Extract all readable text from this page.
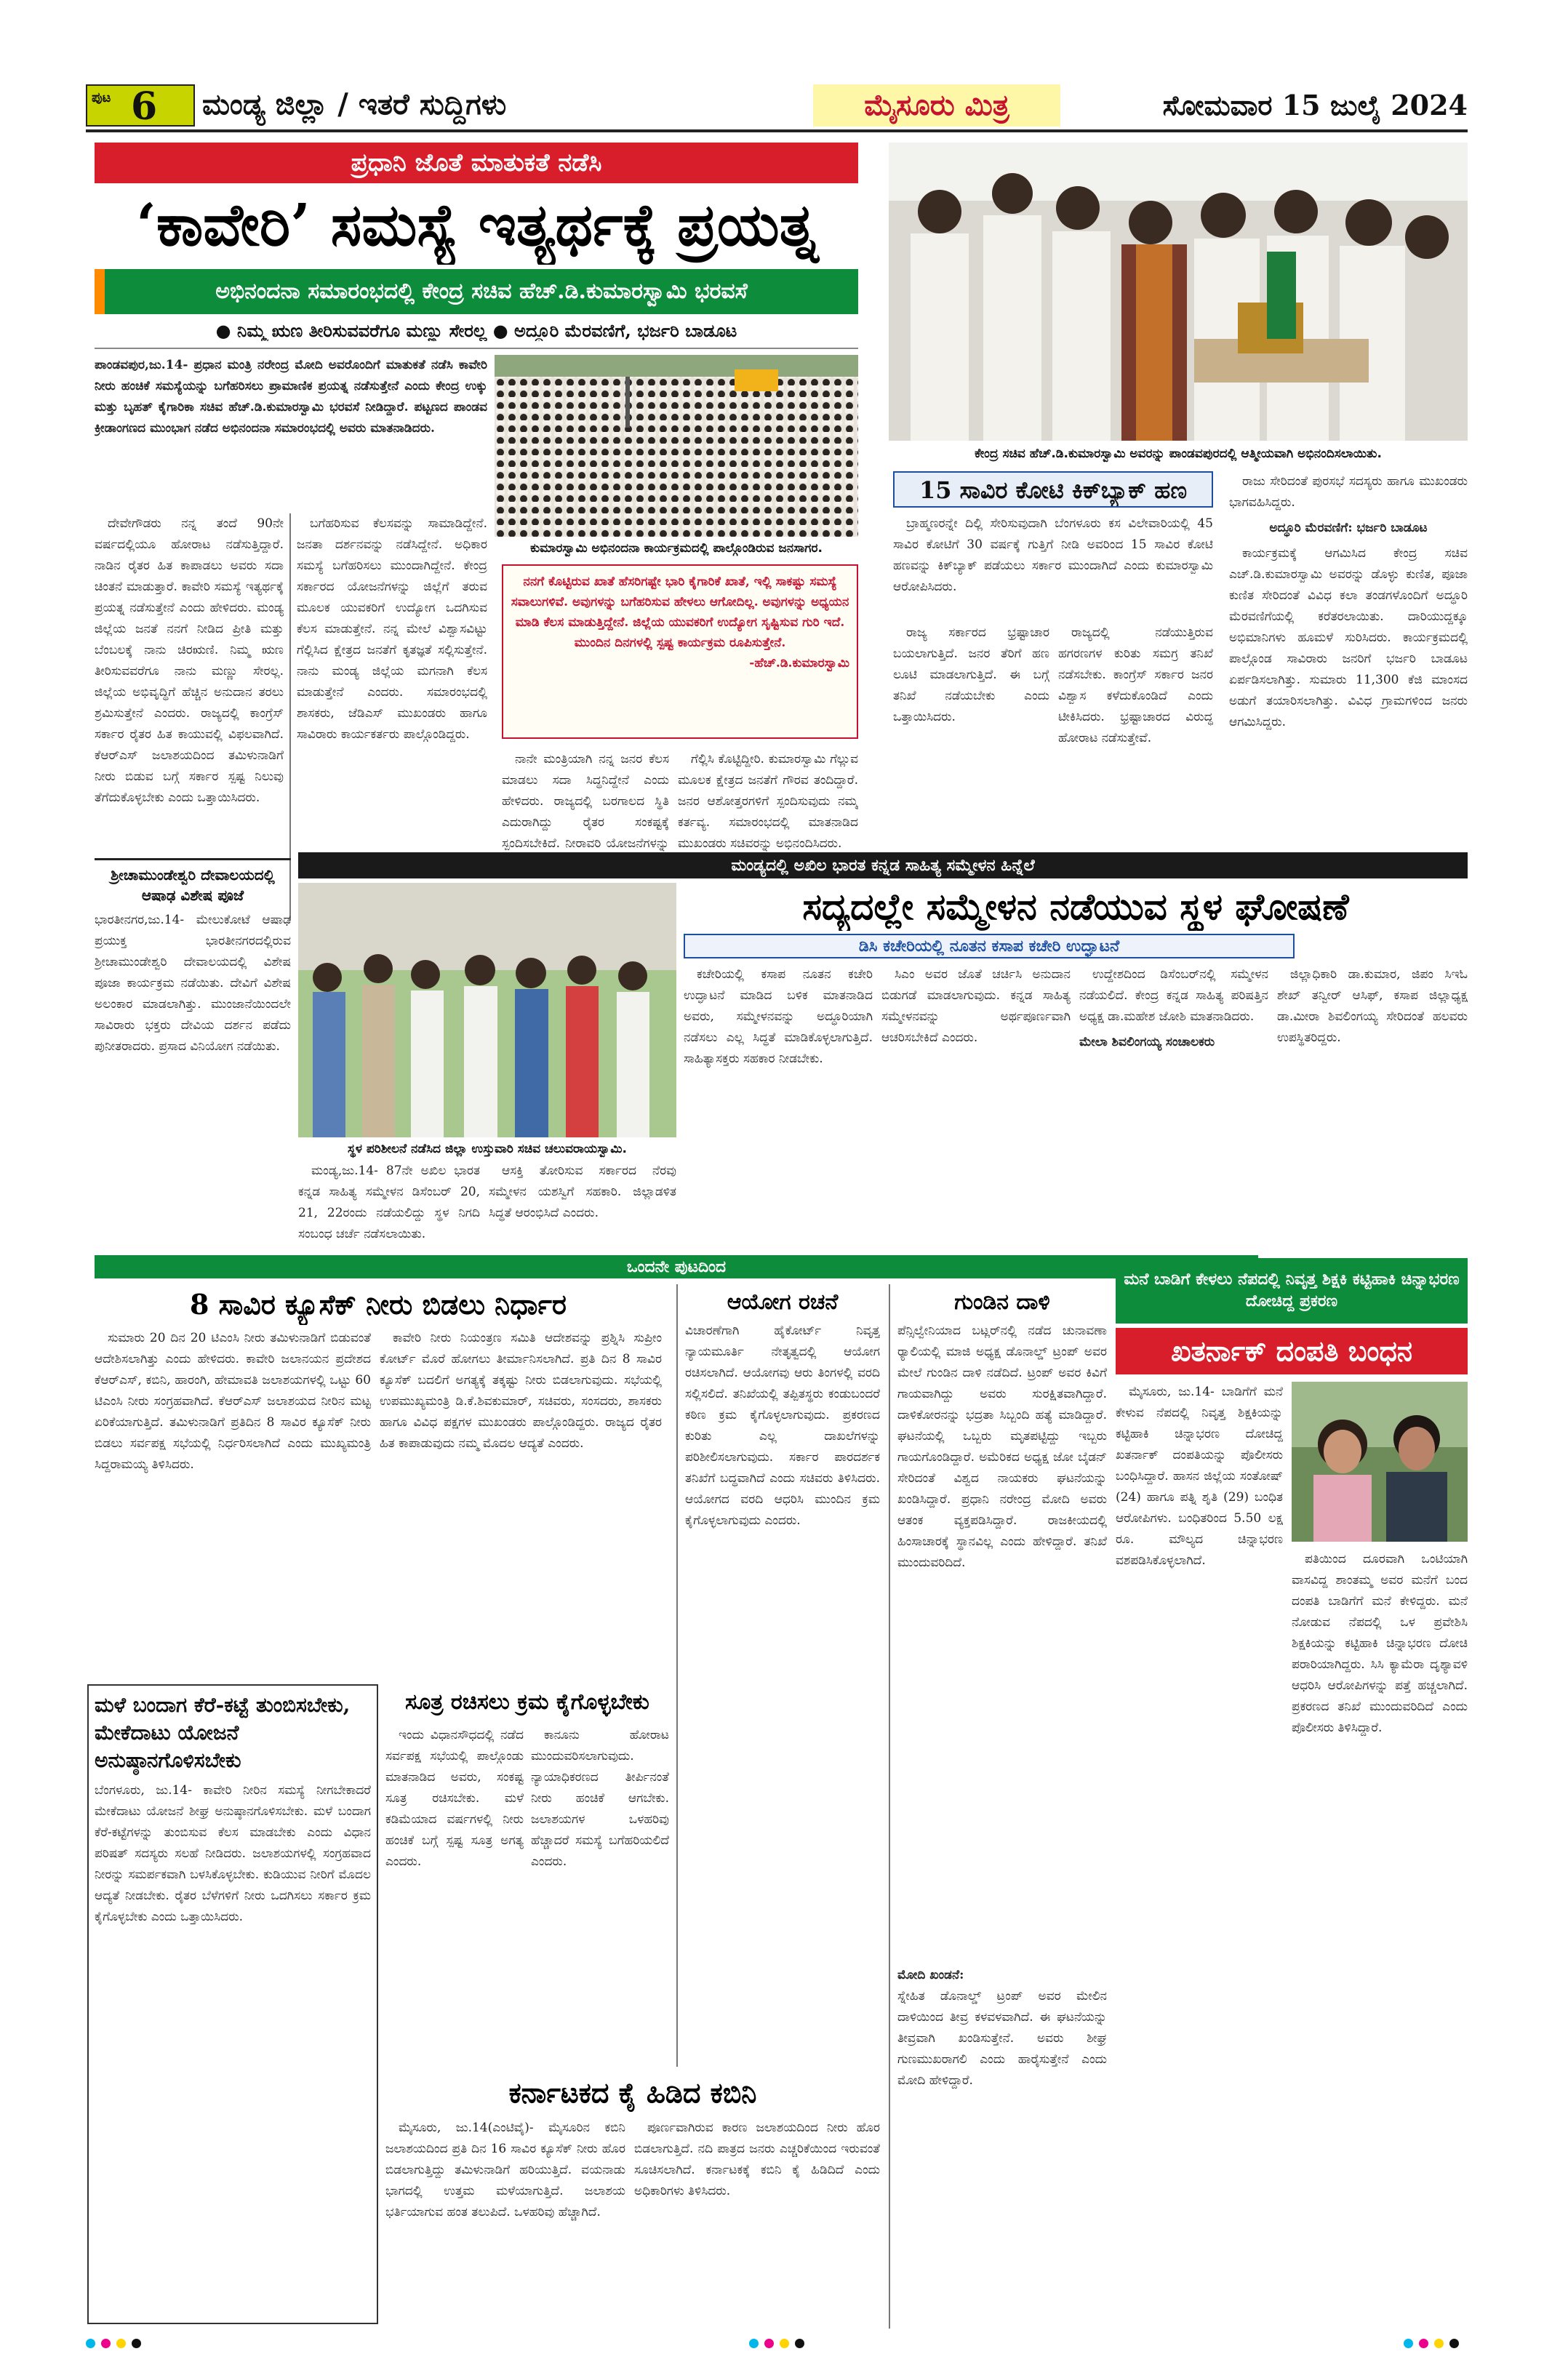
ಪುಟ 6 ಮಂಡ್ಯ ಜಿಲ್ಲಾ / ಇತರೆ ಸುದ್ದಿಗಳು	ಮೈಸೂರು ಮಿತ್ರ	ಸೋಮವಾರ 15 ಜುಲೈ 2024
ಪ್ರಧಾನಿ ಜೊತೆ ಮಾತುಕತೆ ನಡೆಸಿ
‘ಕಾವೇರಿ’ ಸಮಸ್ಯೆ ಇತ್ಯರ್ಥಕ್ಕೆ ಪ್ರಯತ್ನ
ಅಭಿನಂದನಾ ಸಮಾರಂಭದಲ್ಲಿ ಕೇಂದ್ರ ಸಚಿವ ಹೆಚ್.ಡಿ.ಕುಮಾರಸ್ವಾಮಿ ಭರವಸೆ
● ನಿಮ್ಮ ಋಣ ತೀರಿಸುವವರೆಗೂ ಮಣ್ಣು ಸೇರಲ್ಲ ● ಅದ್ಧೂರಿ ಮೆರವಣಿಗೆ, ಭರ್ಜರಿ ಬಾಡೂಟ

ಪಾಂಡವಪುರ,ಜು.14- ಪ್ರಧಾನ ಮಂತ್ರಿ ನರೇಂದ್ರ ಮೋದಿ ಅವರೊಂದಿಗೆ ಮಾತುಕತೆ ನಡೆಸಿ ಕಾವೇರಿ ನೀರು ಹಂಚಿಕೆ ಸಮಸ್ಯೆಯನ್ನು ಬಗೆಹರಿಸಲು ಪ್ರಾಮಾಣಿಕ ಪ್ರಯತ್ನ ನಡೆಸುತ್ತೇನೆ ಎಂದು ಕೇಂದ್ರ ಉಕ್ಕು ಮತ್ತು ಬೃಹತ್ ಕೈಗಾರಿಕಾ ಸಚಿವ ಹೆಚ್.ಡಿ.ಕುಮಾರಸ್ವಾಮಿ ಭರವಸೆ ನೀಡಿದ್ದಾರೆ. ಪಟ್ಟಣದ ಪಾಂಡವ ಕ್ರೀಡಾಂಗಣದ ಮುಂಭಾಗ ನಡೆದ ಅಭಿನಂದನಾ ಸಮಾರಂಭದಲ್ಲಿ ಅವರು ಮಾತನಾಡಿದರು.

ದೇವೇಗೌಡರು ನನ್ನ ತಂದೆ 90ನೇ ವರ್ಷದಲ್ಲಿಯೂ ಹೋರಾಟ ನಡೆಸುತ್ತಿದ್ದಾರೆ. ನಾಡಿನ ರೈತರ ಹಿತ ಕಾಪಾಡಲು ಅವರು ಸದಾ ಚಿಂತನೆ ಮಾಡುತ್ತಾರೆ. ಕಾವೇರಿ ಸಮಸ್ಯೆ ಇತ್ಯರ್ಥಕ್ಕೆ ಪ್ರಯತ್ನ ನಡೆಸುತ್ತೇನೆ ಎಂದು ಹೇಳಿದರು. ಮಂಡ್ಯ ಜಿಲ್ಲೆಯ ಜನತೆ ನನಗೆ ನೀಡಿದ ಪ್ರೀತಿ ಮತ್ತು ಬೆಂಬಲಕ್ಕೆ ನಾನು ಚಿರಋಣಿ. ನಿಮ್ಮ ಋಣ ತೀರಿಸುವವರೆಗೂ ನಾನು ಮಣ್ಣು ಸೇರಲ್ಲ. ಜಿಲ್ಲೆಯ ಅಭಿವೃದ್ಧಿಗೆ ಹೆಚ್ಚಿನ ಅನುದಾನ ತರಲು ಶ್ರಮಿಸುತ್ತೇನೆ ಎಂದರು. ರಾಜ್ಯದಲ್ಲಿ ಕಾಂಗ್ರೆಸ್ ಸರ್ಕಾರ ರೈತರ ಹಿತ ಕಾಯುವಲ್ಲಿ ವಿಫಲವಾಗಿದೆ. ಕೆಆರ್‌ಎಸ್ ಜಲಾಶಯದಿಂದ ತಮಿಳುನಾಡಿಗೆ ನೀರು ಬಿಡುವ ಬಗ್ಗೆ ಸರ್ಕಾರ ಸ್ಪಷ್ಟ ನಿಲುವು ತೆಗೆದುಕೊಳ್ಳಬೇಕು ಎಂದು ಒತ್ತಾಯಿಸಿದರು.

ಬಗೆಹರಿಸುವ ಕೆಲಸವನ್ನು ಸಾಮಾಡಿದ್ದೇನೆ. ಜನತಾ ದರ್ಶನವನ್ನು ನಡೆಸಿದ್ದೇನೆ. ಅಧಿಕಾರ ಸಮಸ್ಯೆ ಬಗೆಹರಿಸಲು ಮುಂದಾಗಿದ್ದೇನೆ. ಕೇಂದ್ರ ಸರ್ಕಾರದ ಯೋಜನೆಗಳನ್ನು ಜಿಲ್ಲೆಗೆ ತರುವ ಮೂಲಕ ಯುವಕರಿಗೆ ಉದ್ಯೋಗ ಒದಗಿಸುವ ಕೆಲಸ ಮಾಡುತ್ತೇನೆ. ನನ್ನ ಮೇಲೆ ವಿಶ್ವಾಸವಿಟ್ಟು ಗೆಲ್ಲಿಸಿದ ಕ್ಷೇತ್ರದ ಜನತೆಗೆ ಕೃತಜ್ಞತೆ ಸಲ್ಲಿಸುತ್ತೇನೆ. ನಾನು ಮಂಡ್ಯ ಜಿಲ್ಲೆಯ ಮಗನಾಗಿ ಕೆಲಸ ಮಾಡುತ್ತೇನೆ ಎಂದರು. ಸಮಾರಂಭದಲ್ಲಿ ಶಾಸಕರು, ಜೆಡಿಎಸ್ ಮುಖಂಡರು ಹಾಗೂ ಸಾವಿರಾರು ಕಾರ್ಯಕರ್ತರು ಪಾಲ್ಗೊಂಡಿದ್ದರು.

ಕುಮಾರಸ್ವಾಮಿ ಅಭಿನಂದನಾ ಕಾರ್ಯಕ್ರಮದಲ್ಲಿ ಪಾಲ್ಗೊಂಡಿರುವ ಜನಸಾಗರ.
ನನಗೆ ಕೊಟ್ಟಿರುವ ಖಾತೆ ಹೆಸರಿಗಷ್ಟೇ ಭಾರಿ ಕೈಗಾರಿಕೆ ಖಾತೆ, ಇಲ್ಲಿ ಸಾಕಷ್ಟು ಸಮಸ್ಯೆ ಸವಾಲುಗಳಿವೆ. ಅವುಗಳನ್ನು ಬಗೆಹರಿಸುವ ಹೇಳಲು ಆಗೋದಿಲ್ಲ. ಅವುಗಳನ್ನು ಅಧ್ಯಯನ ಮಾಡಿ ಕೆಲಸ ಮಾಡುತ್ತಿದ್ದೇನೆ. ಜಿಲ್ಲೆಯ ಯುವಕರಿಗೆ ಉದ್ಯೋಗ ಸೃಷ್ಟಿಸುವ ಗುರಿ ಇದೆ. ಮುಂದಿನ ದಿನಗಳಲ್ಲಿ ಸ್ಪಷ್ಟ ಕಾರ್ಯಕ್ರಮ ರೂಪಿಸುತ್ತೇನೆ.
-ಹೆಚ್.ಡಿ.ಕುಮಾರಸ್ವಾಮಿ

ನಾನೇ ಮಂತ್ರಿಯಾಗಿ ನನ್ನ ಜನರ ಕೆಲಸ ಮಾಡಲು ಸದಾ ಸಿದ್ಧನಿದ್ದೇನೆ ಎಂದು ಹೇಳಿದರು. ರಾಜ್ಯದಲ್ಲಿ ಬರಗಾಲದ ಸ್ಥಿತಿ ಎದುರಾಗಿದ್ದು ರೈತರ ಸಂಕಷ್ಟಕ್ಕೆ ಸ್ಪಂದಿಸಬೇಕಿದೆ. ನೀರಾವರಿ ಯೋಜನೆಗಳನ್ನು

ಗೆಲ್ಲಿಸಿ ಕೊಟ್ಟಿದ್ದೀರಿ. ಕುಮಾರಸ್ವಾಮಿ ಗೆಲ್ಲುವ ಮೂಲಕ ಕ್ಷೇತ್ರದ ಜನತೆಗೆ ಗೌರವ ತಂದಿದ್ದಾರೆ. ಜನರ ಆಶೋತ್ತರಗಳಿಗೆ ಸ್ಪಂದಿಸುವುದು ನಮ್ಮ ಕರ್ತವ್ಯ. ಸಮಾರಂಭದಲ್ಲಿ ಮಾತನಾಡಿದ ಮುಖಂಡರು ಸಚಿವರನ್ನು ಅಭಿನಂದಿಸಿದರು.

ಕೇಂದ್ರ ಸಚಿವ ಹೆಚ್.ಡಿ.ಕುಮಾರಸ್ವಾಮಿ ಅವರನ್ನು ಪಾಂಡವಪುರದಲ್ಲಿ ಆತ್ಮೀಯವಾಗಿ ಅಭಿನಂದಿಸಲಾಯಿತು.
15 ಸಾವಿರ ಕೋಟಿ ಕಿಕ್‌ಬ್ಯಾಕ್ ಹಣ

ಬ್ರಾಹ್ಮಣರನ್ನೇ ದಿಲ್ಲಿ ಸೇರಿಸುವುದಾಗಿ ಬೆಂಗಳೂರು ಕಸ ವಿಲೇವಾರಿಯಲ್ಲಿ 45 ಸಾವಿರ ಕೋಟಿಗೆ 30 ವರ್ಷಕ್ಕೆ ಗುತ್ತಿಗೆ ನೀಡಿ ಅವರಿಂದ 15 ಸಾವಿರ ಕೋಟಿ ಹಣವನ್ನು ಕಿಕ್‌ಬ್ಯಾಕ್ ಪಡೆಯಲು ಸರ್ಕಾರ ಮುಂದಾಗಿದೆ ಎಂದು ಕುಮಾರಸ್ವಾಮಿ ಆರೋಪಿಸಿದರು.

ರಾಜ್ಯ ಸರ್ಕಾರದ ಭ್ರಷ್ಟಾಚಾರ ಬಯಲಾಗುತ್ತಿದೆ. ಜನರ ತೆರಿಗೆ ಹಣ ಲೂಟಿ ಮಾಡಲಾಗುತ್ತಿದೆ. ಈ ಬಗ್ಗೆ ತನಿಖೆ ನಡೆಯಬೇಕು ಎಂದು ಒತ್ತಾಯಿಸಿದರು.

ರಾಜ್ಯದಲ್ಲಿ ನಡೆಯುತ್ತಿರುವ ಹಗರಣಗಳ ಕುರಿತು ಸಮಗ್ರ ತನಿಖೆ ನಡೆಸಬೇಕು. ಕಾಂಗ್ರೆಸ್ ಸರ್ಕಾರ ಜನರ ವಿಶ್ವಾಸ ಕಳೆದುಕೊಂಡಿದೆ ಎಂದು ಟೀಕಿಸಿದರು. ಭ್ರಷ್ಟಾಚಾರದ ವಿರುದ್ಧ ಹೋರಾಟ ನಡೆಸುತ್ತೇವೆ.

ರಾಜು ಸೇರಿದಂತೆ ಪುರಸಭೆ ಸದಸ್ಯರು ಹಾಗೂ ಮುಖಂಡರು ಭಾಗವಹಿಸಿದ್ದರು.

ಅದ್ಧೂರಿ ಮೆರವಣಿಗೆ: ಭರ್ಜರಿ ಬಾಡೂಟ

ಕಾರ್ಯಕ್ರಮಕ್ಕೆ ಆಗಮಿಸಿದ ಕೇಂದ್ರ ಸಚಿವ ಎಚ್.ಡಿ.ಕುಮಾರಸ್ವಾಮಿ ಅವರನ್ನು ಡೊಳ್ಳು ಕುಣಿತ, ಪೂಜಾ ಕುಣಿತ ಸೇರಿದಂತೆ ವಿವಿಧ ಕಲಾ ತಂಡಗಳೊಂದಿಗೆ ಅದ್ಧೂರಿ ಮೆರವಣಿಗೆಯಲ್ಲಿ ಕರೆತರಲಾಯಿತು. ದಾರಿಯುದ್ದಕ್ಕೂ ಅಭಿಮಾನಿಗಳು ಹೂಮಳೆ ಸುರಿಸಿದರು. ಕಾರ್ಯಕ್ರಮದಲ್ಲಿ ಪಾಲ್ಗೊಂಡ ಸಾವಿರಾರು ಜನರಿಗೆ ಭರ್ಜರಿ ಬಾಡೂಟ ಏರ್ಪಡಿಸಲಾಗಿತ್ತು. ಸುಮಾರು 11,300 ಕೆಜಿ ಮಾಂಸದ ಅಡುಗೆ ತಯಾರಿಸಲಾಗಿತ್ತು. ವಿವಿಧ ಗ್ರಾಮಗಳಿಂದ ಜನರು ಆಗಮಿಸಿದ್ದರು.

ಶ್ರೀಚಾಮುಂಡೇಶ್ವರಿ ದೇವಾಲಯದಲ್ಲಿ ಆಷಾಢ ವಿಶೇಷ ಪೂಜೆ
ಭಾರತೀನಗರ,ಜು.14- ಮೇಲುಕೋಟೆ ಆಷಾಢ ಪ್ರಯುಕ್ತ ಭಾರತೀನಗರದಲ್ಲಿರುವ ಶ್ರೀಚಾಮುಂಡೇಶ್ವರಿ ದೇವಾಲಯದಲ್ಲಿ ವಿಶೇಷ ಪೂಜಾ ಕಾರ್ಯಕ್ರಮ ನಡೆಯಿತು. ದೇವಿಗೆ ವಿಶೇಷ ಅಲಂಕಾರ ಮಾಡಲಾಗಿತ್ತು. ಮುಂಜಾನೆಯಿಂದಲೇ ಸಾವಿರಾರು ಭಕ್ತರು ದೇವಿಯ ದರ್ಶನ ಪಡೆದು ಪುನೀತರಾದರು. ಪ್ರಸಾದ ವಿನಿಯೋಗ ನಡೆಯಿತು.
ಮಂಡ್ಯದಲ್ಲಿ ಅಖಿಲ ಭಾರತ ಕನ್ನಡ ಸಾಹಿತ್ಯ ಸಮ್ಮೇಳನ ಹಿನ್ನೆಲೆ
ಸದ್ಯದಲ್ಲೇ ಸಮ್ಮೇಳನ ನಡೆಯುವ ಸ್ಥಳ ಘೋಷಣೆ
ಡಿಸಿ ಕಚೇರಿಯಲ್ಲಿ ನೂತನ ಕಸಾಪ ಕಚೇರಿ ಉದ್ಘಾಟನೆ
ಸ್ಥಳ ಪರಿಶೀಲನೆ ನಡೆಸಿದ ಜಿಲ್ಲಾ ಉಸ್ತುವಾರಿ ಸಚಿವ ಚಲುವರಾಯಸ್ವಾಮಿ.

ಮಂಡ್ಯ,ಜು.14- 87ನೇ ಅಖಿಲ ಭಾರತ ಕನ್ನಡ ಸಾಹಿತ್ಯ ಸಮ್ಮೇಳನ ಡಿಸೆಂಬರ್ 20, 21, 22ರಂದು ನಡೆಯಲಿದ್ದು ಸ್ಥಳ ನಿಗದಿ ಸಂಬಂಧ ಚರ್ಚೆ ನಡೆಸಲಾಯಿತು.

ಆಸಕ್ತಿ ತೋರಿಸುವ ಸರ್ಕಾರದ ನೆರವು ಸಮ್ಮೇಳನ ಯಶಸ್ವಿಗೆ ಸಹಕಾರಿ. ಜಿಲ್ಲಾಡಳಿತ ಸಿದ್ಧತೆ ಆರಂಭಿಸಿದೆ ಎಂದರು.

ಕಚೇರಿಯಲ್ಲಿ ಕಸಾಪ ನೂತನ ಕಚೇರಿ ಉದ್ಘಾಟನೆ ಮಾಡಿದ ಬಳಿಕ ಮಾತನಾಡಿದ ಅವರು, ಸಮ್ಮೇಳನವನ್ನು ಅದ್ಧೂರಿಯಾಗಿ ನಡೆಸಲು ಎಲ್ಲ ಸಿದ್ಧತೆ ಮಾಡಿಕೊಳ್ಳಲಾಗುತ್ತಿದೆ. ಸಾಹಿತ್ಯಾಸಕ್ತರು ಸಹಕಾರ ನೀಡಬೇಕು.

ಸಿಎಂ ಅವರ ಜೊತೆ ಚರ್ಚಿಸಿ ಅನುದಾನ ಬಿಡುಗಡೆ ಮಾಡಲಾಗುವುದು. ಕನ್ನಡ ಸಾಹಿತ್ಯ ಸಮ್ಮೇಳನವನ್ನು ಅರ್ಥಪೂರ್ಣವಾಗಿ ಆಚರಿಸಬೇಕಿದೆ ಎಂದರು.

ಉದ್ದೇಶದಿಂದ ಡಿಸೆಂಬರ್‌ನಲ್ಲಿ ಸಮ್ಮೇಳನ ನಡೆಯಲಿದೆ. ಕೇಂದ್ರ ಕನ್ನಡ ಸಾಹಿತ್ಯ ಪರಿಷತ್ತಿನ ಅಧ್ಯಕ್ಷ ಡಾ.ಮಹೇಶ ಜೋಶಿ ಮಾತನಾಡಿದರು.

ಮೇಲಾ ಶಿವಲಿಂಗಯ್ಯ ಸಂಚಾಲಕರು

ಜಿಲ್ಲಾಧಿಕಾರಿ ಡಾ.ಕುಮಾರ, ಜಿಪಂ ಸಿಇಓ ಶೇಖ್ ತನ್ವೀರ್ ಆಸಿಫ್, ಕಸಾಪ ಜಿಲ್ಲಾಧ್ಯಕ್ಷ ಡಾ.ಮೀರಾ ಶಿವಲಿಂಗಯ್ಯ ಸೇರಿದಂತೆ ಹಲವರು ಉಪಸ್ಥಿತರಿದ್ದರು.

ಒಂದನೇ ಪುಟದಿಂದ
8 ಸಾವಿರ ಕ್ಯೂಸೆಕ್ ನೀರು ಬಿಡಲು ನಿರ್ಧಾರ

ಸುಮಾರು 20 ದಿನ 20 ಟಿಎಂಸಿ ನೀರು ತಮಿಳುನಾಡಿಗೆ ಬಿಡುವಂತೆ ಆದೇಶಿಸಲಾಗಿತ್ತು ಎಂದು ಹೇಳಿದರು. ಕಾವೇರಿ ಜಲಾನಯನ ಪ್ರದೇಶದ ಕೆಆರ್‌ಎಸ್, ಕಬಿನಿ, ಹಾರಂಗಿ, ಹೇಮಾವತಿ ಜಲಾಶಯಗಳಲ್ಲಿ ಒಟ್ಟು 60 ಟಿಎಂಸಿ ನೀರು ಸಂಗ್ರಹವಾಗಿದೆ. ಕೆಆರ್‌ಎಸ್ ಜಲಾಶಯದ ನೀರಿನ ಮಟ್ಟ ಏರಿಕೆಯಾಗುತ್ತಿದೆ. ತಮಿಳುನಾಡಿಗೆ ಪ್ರತಿದಿನ 8 ಸಾವಿರ ಕ್ಯೂಸೆಕ್ ನೀರು ಬಿಡಲು ಸರ್ವಪಕ್ಷ ಸಭೆಯಲ್ಲಿ ನಿರ್ಧರಿಸಲಾಗಿದೆ ಎಂದು ಮುಖ್ಯಮಂತ್ರಿ ಸಿದ್ದರಾಮಯ್ಯ ತಿಳಿಸಿದರು.

ಕಾವೇರಿ ನೀರು ನಿಯಂತ್ರಣ ಸಮಿತಿ ಆದೇಶವನ್ನು ಪ್ರಶ್ನಿಸಿ ಸುಪ್ರೀಂ ಕೋರ್ಟ್ ಮೊರೆ ಹೋಗಲು ತೀರ್ಮಾನಿಸಲಾಗಿದೆ. ಪ್ರತಿ ದಿನ 8 ಸಾವಿರ ಕ್ಯೂಸೆಕ್ ಬದಲಿಗೆ ಅಗತ್ಯಕ್ಕೆ ತಕ್ಕಷ್ಟು ನೀರು ಬಿಡಲಾಗುವುದು. ಸಭೆಯಲ್ಲಿ ಉಪಮುಖ್ಯಮಂತ್ರಿ ಡಿ.ಕೆ.ಶಿವಕುಮಾರ್, ಸಚಿವರು, ಸಂಸದರು, ಶಾಸಕರು ಹಾಗೂ ವಿವಿಧ ಪಕ್ಷಗಳ ಮುಖಂಡರು ಪಾಲ್ಗೊಂಡಿದ್ದರು. ರಾಜ್ಯದ ರೈತರ ಹಿತ ಕಾಪಾಡುವುದು ನಮ್ಮ ಮೊದಲ ಆದ್ಯತೆ ಎಂದರು.

ಮಳೆ ಬಂದಾಗ ಕೆರೆ-ಕಟ್ಟೆ ತುಂಬಿಸಬೇಕು, ಮೇಕೆದಾಟು ಯೋಜನೆ ಅನುಷ್ಠಾನಗೊಳಿಸಬೇಕು
ಬೆಂಗಳೂರು, ಜು.14- ಕಾವೇರಿ ನೀರಿನ ಸಮಸ್ಯೆ ನೀಗಬೇಕಾದರೆ ಮೇಕೆದಾಟು ಯೋಜನೆ ಶೀಘ್ರ ಅನುಷ್ಠಾನಗೊಳಿಸಬೇಕು. ಮಳೆ ಬಂದಾಗ ಕೆರೆ-ಕಟ್ಟೆಗಳನ್ನು ತುಂಬಿಸುವ ಕೆಲಸ ಮಾಡಬೇಕು ಎಂದು ವಿಧಾನ ಪರಿಷತ್ ಸದಸ್ಯರು ಸಲಹೆ ನೀಡಿದರು. ಜಲಾಶಯಗಳಲ್ಲಿ ಸಂಗ್ರಹವಾದ ನೀರನ್ನು ಸಮರ್ಪಕವಾಗಿ ಬಳಸಿಕೊಳ್ಳಬೇಕು. ಕುಡಿಯುವ ನೀರಿಗೆ ಮೊದಲ ಆದ್ಯತೆ ನೀಡಬೇಕು. ರೈತರ ಬೆಳೆಗಳಿಗೆ ನೀರು ಒದಗಿಸಲು ಸರ್ಕಾರ ಕ್ರಮ ಕೈಗೊಳ್ಳಬೇಕು ಎಂದು ಒತ್ತಾಯಿಸಿದರು.
ಸೂತ್ರ ರಚಿಸಲು ಕ್ರಮ ಕೈಗೊಳ್ಳಬೇಕು

ಇಂದು ವಿಧಾನಸೌಧದಲ್ಲಿ ನಡೆದ ಸರ್ವಪಕ್ಷ ಸಭೆಯಲ್ಲಿ ಪಾಲ್ಗೊಂಡು ಮಾತನಾಡಿದ ಅವರು, ಸಂಕಷ್ಟ ಸೂತ್ರ ರಚಿಸಬೇಕು. ಮಳೆ ಕಡಿಮೆಯಾದ ವರ್ಷಗಳಲ್ಲಿ ನೀರು ಹಂಚಿಕೆ ಬಗ್ಗೆ ಸ್ಪಷ್ಟ ಸೂತ್ರ ಅಗತ್ಯ ಎಂದರು.

ಕಾನೂನು ಹೋರಾಟ ಮುಂದುವರಿಸಲಾಗುವುದು. ನ್ಯಾಯಾಧಿಕರಣದ ತೀರ್ಪಿನಂತೆ ನೀರು ಹಂಚಿಕೆ ಆಗಬೇಕು. ಜಲಾಶಯಗಳ ಒಳಹರಿವು ಹೆಚ್ಚಾದರೆ ಸಮಸ್ಯೆ ಬಗೆಹರಿಯಲಿದೆ ಎಂದರು.

ಕರ್ನಾಟಕದ ಕೈ ಹಿಡಿದ ಕಬಿನಿ

ಮೈಸೂರು, ಜು.14(ಎಂಟಿವೈ)- ಮೈಸೂರಿನ ಕಬಿನಿ ಜಲಾಶಯದಿಂದ ಪ್ರತಿ ದಿನ 16 ಸಾವಿರ ಕ್ಯೂಸೆಕ್ ನೀರು ಹೊರ ಬಿಡಲಾಗುತ್ತಿದ್ದು ತಮಿಳುನಾಡಿಗೆ ಹರಿಯುತ್ತಿದೆ. ವಯನಾಡು ಭಾಗದಲ್ಲಿ ಉತ್ತಮ ಮಳೆಯಾಗುತ್ತಿದೆ. ಜಲಾಶಯ ಭರ್ತಿಯಾಗುವ ಹಂತ ತಲುಪಿದೆ. ಒಳಹರಿವು ಹೆಚ್ಚಾಗಿದೆ.

ಪೂರ್ಣವಾಗಿರುವ ಕಾರಣ ಜಲಾಶಯದಿಂದ ನೀರು ಹೊರ ಬಿಡಲಾಗುತ್ತಿದೆ. ನದಿ ಪಾತ್ರದ ಜನರು ಎಚ್ಚರಿಕೆಯಿಂದ ಇರುವಂತೆ ಸೂಚಿಸಲಾಗಿದೆ. ಕರ್ನಾಟಕಕ್ಕೆ ಕಬಿನಿ ಕೈ ಹಿಡಿದಿದೆ ಎಂದು ಅಧಿಕಾರಿಗಳು ತಿಳಿಸಿದರು.

ಆಯೋಗ ರಚನೆ
ವಿಚಾರಣೆಗಾಗಿ ಹೈಕೋರ್ಟ್ ನಿವೃತ್ತ ನ್ಯಾಯಮೂರ್ತಿ ನೇತೃತ್ವದಲ್ಲಿ ಆಯೋಗ ರಚಿಸಲಾಗಿದೆ. ಆಯೋಗವು ಆರು ತಿಂಗಳಲ್ಲಿ ವರದಿ ಸಲ್ಲಿಸಲಿದೆ. ತನಿಖೆಯಲ್ಲಿ ತಪ್ಪಿತಸ್ಥರು ಕಂಡುಬಂದರೆ ಕಠಿಣ ಕ್ರಮ ಕೈಗೊಳ್ಳಲಾಗುವುದು. ಪ್ರಕರಣದ ಕುರಿತು ಎಲ್ಲ ದಾಖಲೆಗಳನ್ನು ಪರಿಶೀಲಿಸಲಾಗುವುದು. ಸರ್ಕಾರ ಪಾರದರ್ಶಕ ತನಿಖೆಗೆ ಬದ್ಧವಾಗಿದೆ ಎಂದು ಸಚಿವರು ತಿಳಿಸಿದರು. ಆಯೋಗದ ವರದಿ ಆಧರಿಸಿ ಮುಂದಿನ ಕ್ರಮ ಕೈಗೊಳ್ಳಲಾಗುವುದು ಎಂದರು.
ಗುಂಡಿನ ದಾಳಿ
ಪೆನ್ಸಿಲ್ವೇನಿಯಾದ ಬಟ್ಲರ್‌ನಲ್ಲಿ ನಡೆದ ಚುನಾವಣಾ ರ‍್ಯಾಲಿಯಲ್ಲಿ ಮಾಜಿ ಅಧ್ಯಕ್ಷ ಡೊನಾಲ್ಡ್ ಟ್ರಂಪ್ ಅವರ ಮೇಲೆ ಗುಂಡಿನ ದಾಳಿ ನಡೆದಿದೆ. ಟ್ರಂಪ್ ಅವರ ಕಿವಿಗೆ ಗಾಯವಾಗಿದ್ದು ಅವರು ಸುರಕ್ಷಿತವಾಗಿದ್ದಾರೆ. ದಾಳಿಕೋರನನ್ನು ಭದ್ರತಾ ಸಿಬ್ಬಂದಿ ಹತ್ಯೆ ಮಾಡಿದ್ದಾರೆ. ಘಟನೆಯಲ್ಲಿ ಒಬ್ಬರು ಮೃತಪಟ್ಟಿದ್ದು ಇಬ್ಬರು ಗಾಯಗೊಂಡಿದ್ದಾರೆ. ಅಮೆರಿಕದ ಅಧ್ಯಕ್ಷ ಜೋ ಬೈಡನ್ ಸೇರಿದಂತೆ ವಿಶ್ವದ ನಾಯಕರು ಘಟನೆಯನ್ನು ಖಂಡಿಸಿದ್ದಾರೆ. ಪ್ರಧಾನಿ ನರೇಂದ್ರ ಮೋದಿ ಅವರು ಆತಂಕ ವ್ಯಕ್ತಪಡಿಸಿದ್ದಾರೆ. ರಾಜಕೀಯದಲ್ಲಿ ಹಿಂಸಾಚಾರಕ್ಕೆ ಸ್ಥಾನವಿಲ್ಲ ಎಂದು ಹೇಳಿದ್ದಾರೆ. ತನಿಖೆ ಮುಂದುವರಿದಿದೆ.
ಮೋದಿ ಖಂಡನೆ:
ಸ್ನೇಹಿತ ಡೊನಾಲ್ಡ್ ಟ್ರಂಪ್ ಅವರ ಮೇಲಿನ ದಾಳಿಯಿಂದ ತೀವ್ರ ಕಳವಳವಾಗಿದೆ. ಈ ಘಟನೆಯನ್ನು ತೀವ್ರವಾಗಿ ಖಂಡಿಸುತ್ತೇನೆ. ಅವರು ಶೀಘ್ರ ಗುಣಮುಖರಾಗಲಿ ಎಂದು ಹಾರೈಸುತ್ತೇನೆ ಎಂದು ಮೋದಿ ಹೇಳಿದ್ದಾರೆ.
ಮನೆ ಬಾಡಿಗೆ ಕೇಳಲು ನೆಪದಲ್ಲಿ ನಿವೃತ್ತ ಶಿಕ್ಷಕಿ ಕಟ್ಟಿಹಾಕಿ ಚಿನ್ನಾಭರಣ ದೋಚಿದ್ದ ಪ್ರಕರಣ
ಖತರ್ನಾಕ್ ದಂಪತಿ ಬಂಧನ

ಮೈಸೂರು, ಜು.14- ಬಾಡಿಗೆಗೆ ಮನೆ ಕೇಳುವ ನೆಪದಲ್ಲಿ ನಿವೃತ್ತ ಶಿಕ್ಷಕಿಯನ್ನು ಕಟ್ಟಿಹಾಕಿ ಚಿನ್ನಾಭರಣ ದೋಚಿದ್ದ ಖತರ್ನಾಕ್ ದಂಪತಿಯನ್ನು ಪೊಲೀಸರು ಬಂಧಿಸಿದ್ದಾರೆ. ಹಾಸನ ಜಿಲ್ಲೆಯ ಸಂತೋಷ್ (24) ಹಾಗೂ ಪತ್ನಿ ಶೃತಿ (29) ಬಂಧಿತ ಆರೋಪಿಗಳು. ಬಂಧಿತರಿಂದ 5.50 ಲಕ್ಷ ರೂ. ಮೌಲ್ಯದ ಚಿನ್ನಾಭರಣ ವಶಪಡಿಸಿಕೊಳ್ಳಲಾಗಿದೆ.	ಪತಿಯಿಂದ ದೂರವಾಗಿ ಒಂಟಿಯಾಗಿ ವಾಸವಿದ್ದ ಶಾಂತಮ್ಮ ಅವರ ಮನೆಗೆ ಬಂದ ದಂಪತಿ ಬಾಡಿಗೆಗೆ ಮನೆ ಕೇಳಿದ್ದರು. ಮನೆ ನೋಡುವ ನೆಪದಲ್ಲಿ ಒಳ ಪ್ರವೇಶಿಸಿ ಶಿಕ್ಷಕಿಯನ್ನು ಕಟ್ಟಿಹಾಕಿ ಚಿನ್ನಾಭರಣ ದೋಚಿ ಪರಾರಿಯಾಗಿದ್ದರು. ಸಿಸಿ ಕ್ಯಾಮೆರಾ ದೃಶ್ಯಾವಳಿ ಆಧರಿಸಿ ಆರೋಪಿಗಳನ್ನು ಪತ್ತೆ ಹಚ್ಚಲಾಗಿದೆ. ಪ್ರಕರಣದ ತನಿಖೆ ಮುಂದುವರಿದಿದೆ ಎಂದು ಪೊಲೀಸರು ತಿಳಿಸಿದ್ದಾರೆ.
